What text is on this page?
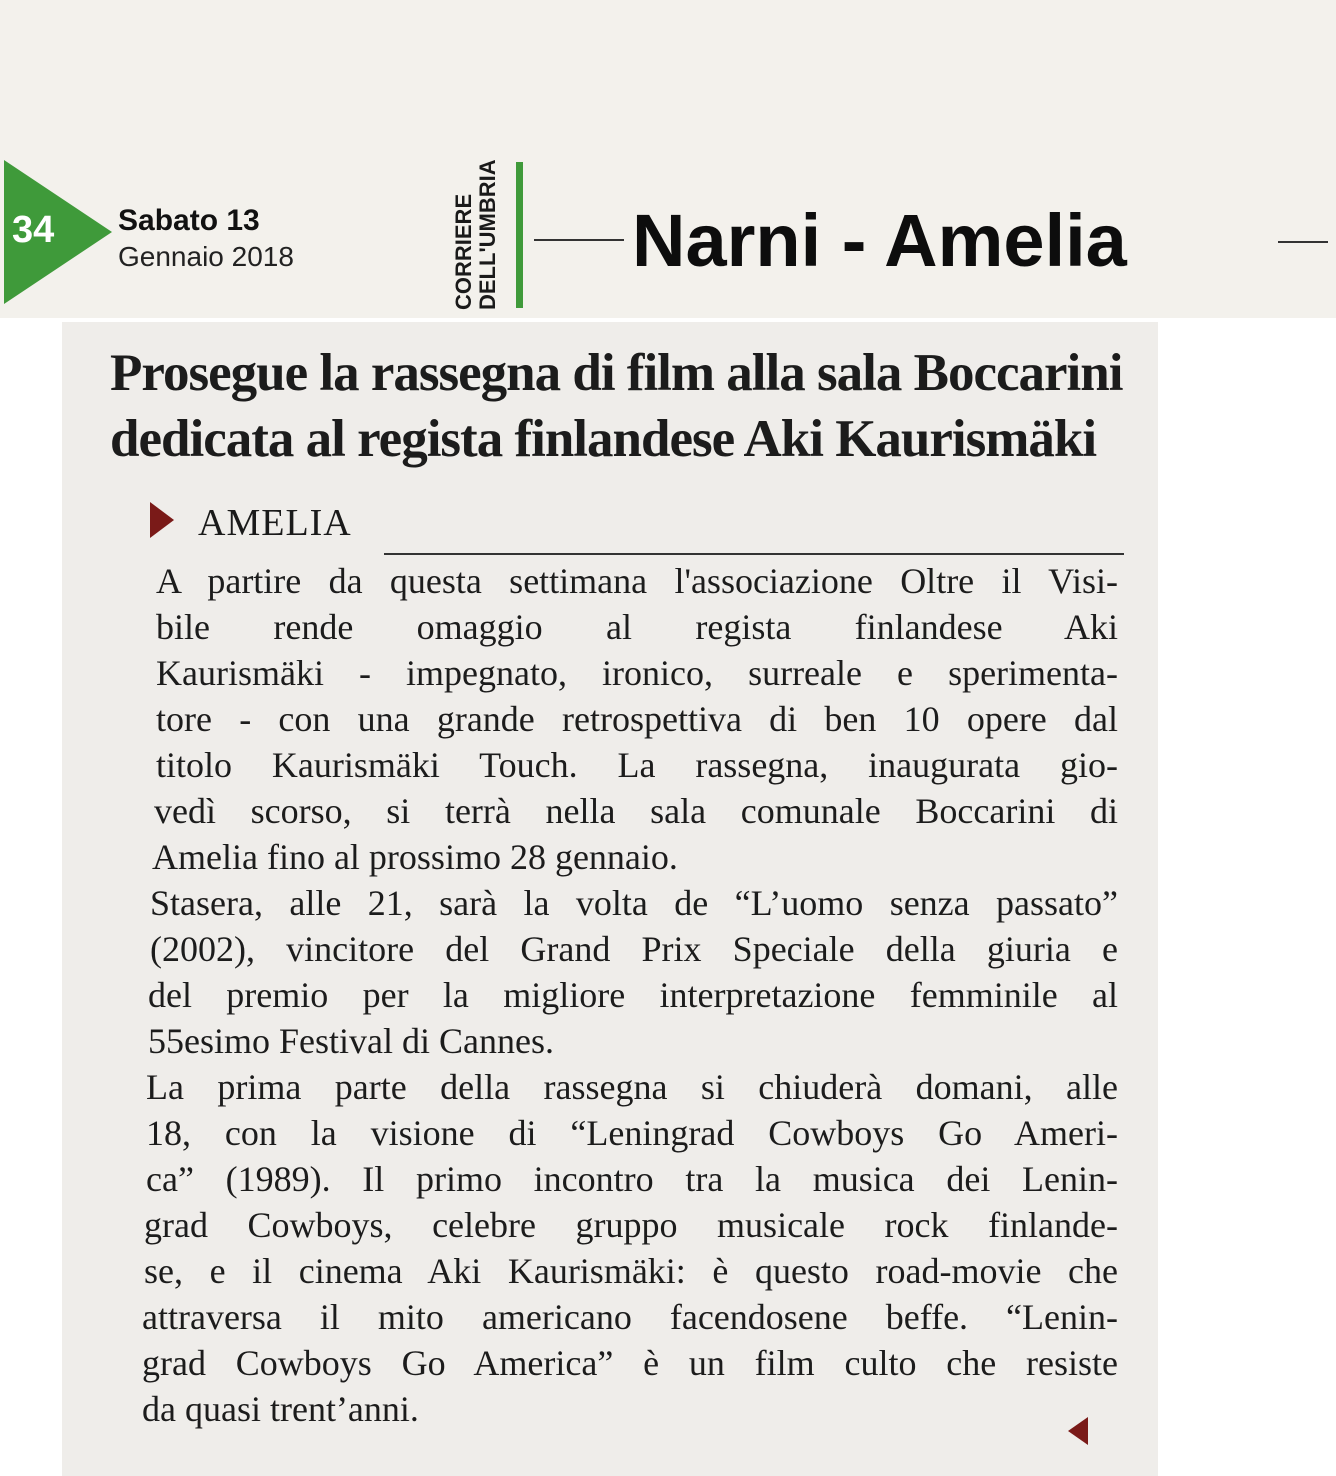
34	Sabato 13
Gennaio 2018	CORRIERE DELL'UMBRIA Narni - Amelia
Prosegue la rassegna di film alla sala Boccarini
dedicata al regista finlandese Aki Kaurismäki
AMELIA
A partire da questa settimana l'associazione Oltre il Visi-
bile rende omaggio al regista finlandese Aki
Kaurismäki - impegnato, ironico, surreale e sperimenta-
tore - con una grande retrospettiva di ben 10 opere dal
titolo Kaurismäki Touch. La rassegna, inaugurata gio-
vedì scorso, si terrà nella sala comunale Boccarini di
Amelia fino al prossimo 28 gennaio.
Stasera, alle 21, sarà la volta de “L’uomo senza passato”
(2002), vincitore del Grand Prix Speciale della giuria e
del premio per la migliore interpretazione femminile al
55esimo Festival di Cannes.
La prima parte della rassegna si chiuderà domani, alle
18, con la visione di “Leningrad Cowboys Go Ameri-
ca” (1989). Il primo incontro tra la musica dei Lenin-
grad Cowboys, celebre gruppo musicale rock finlande-
se, e il cinema Aki Kaurismäki: è questo road-movie che
attraversa il mito americano facendosene beffe. “Lenin-
grad Cowboys Go America” è un film culto che resiste
da quasi trent’anni.
